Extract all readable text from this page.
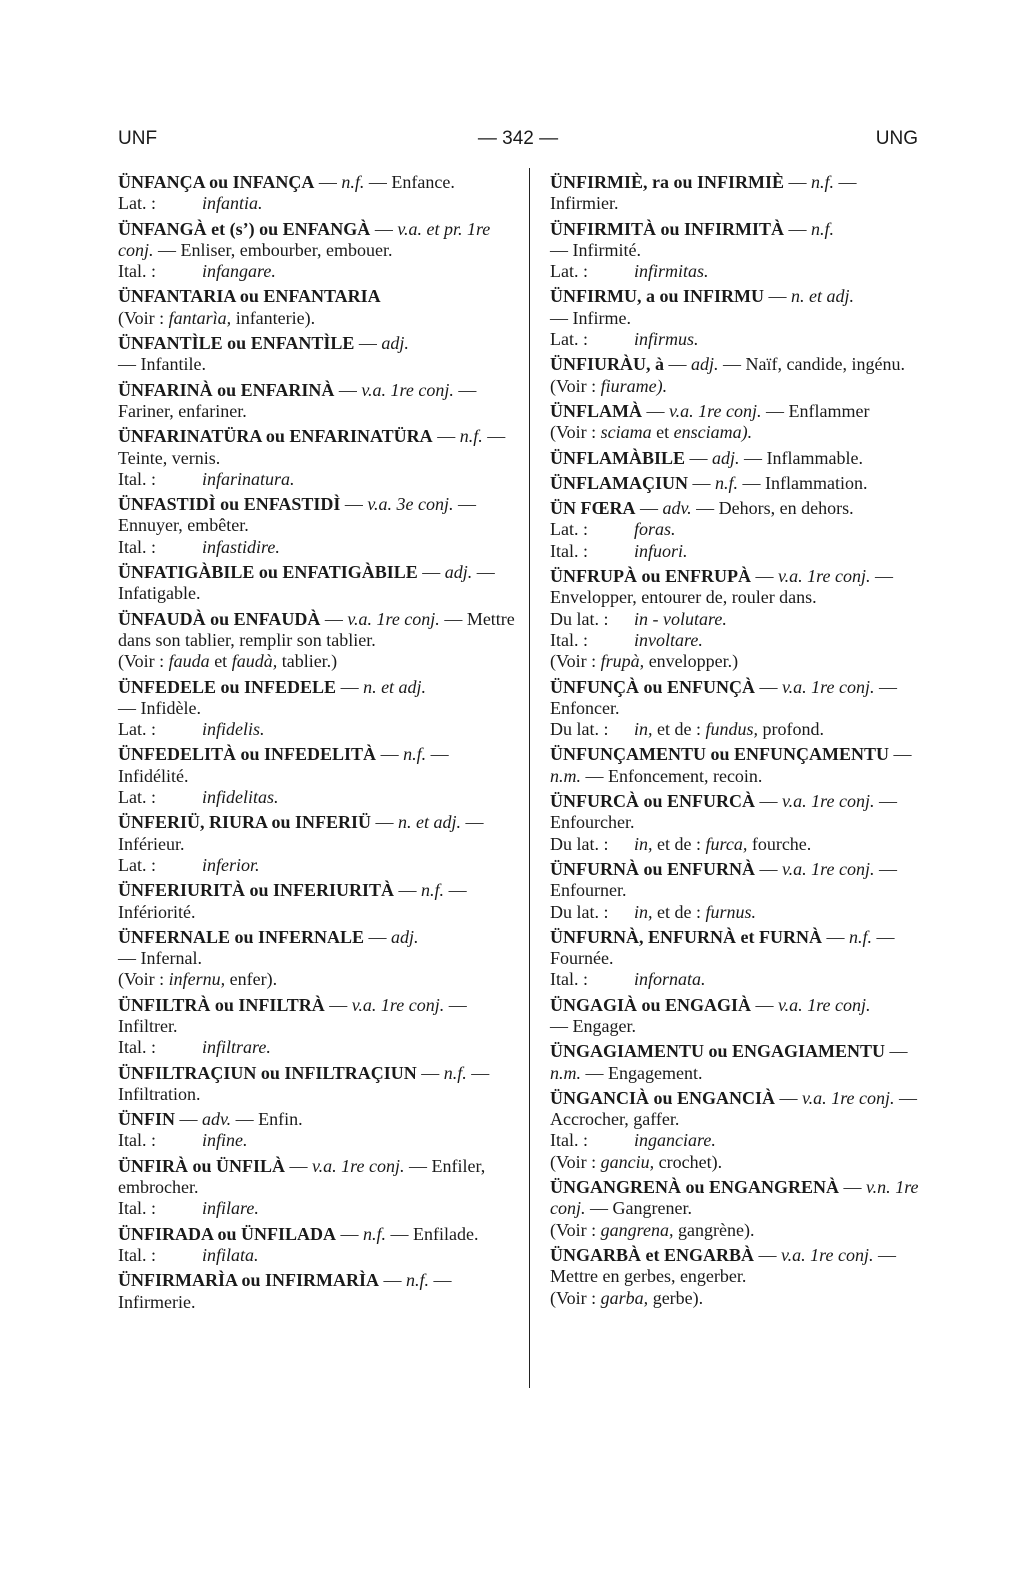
UNF	— 342 —	UNG
ÜNFANÇA ou INFANÇA — n.f. — Enfance.
Lat. :	infantia.
ÜNFANGÀ et (s’) ou ENFANGÀ — v.a. et pr. 1re conj. — Enliser, embourber, embouer.
Ital. :	infangare.
ÜNFANTARIA ou ENFANTARIA
(Voir : fantarìa, infanterie).
ÜNFANTÌLE ou ENFANTÌLE — adj.
— Infantile.
ÜNFARINÀ ou ENFARINÀ — v.a. 1re conj. — Fariner, enfariner.
ÜNFARINATÜRA ou ENFARINATÜRA — n.f. — Teinte, vernis.
Ital. :	infarinatura.
ÜNFASTIDÌ ou ENFASTIDÌ — v.a. 3e conj. — Ennuyer, embêter.
Ital. :	infastidire.
ÜNFATIGÀBILE ou ENFATIGÀBILE — adj. — Infatigable.
ÜNFAUDÀ ou ENFAUDÀ — v.a. 1re conj. — Mettre dans son tablier, remplir son tablier.
(Voir : fauda et faudà, tablier.)
ÜNFEDELE ou INFEDELE — n. et adj.
— Infidèle.
Lat. :	infidelis.
ÜNFEDELITÀ ou INFEDELITÀ — n.f. — Infidélité.
Lat. :	infidelitas.
ÜNFERIÜ, RIURA ou INFERIÜ — n. et adj. — Inférieur.
Lat. :	inferior.
ÜNFERIURITÀ ou INFERIURITÀ — n.f. — Infériorité.
ÜNFERNALE ou INFERNALE — adj.
— Infernal.
(Voir : infernu, enfer).
ÜNFILTRÀ ou INFILTRÀ — v.a. 1re conj. — Infiltrer.
Ital. :	infiltrare.
ÜNFILTRAÇIUN ou INFILTRAÇIUN — n.f. — Infiltration.
ÜNFIN — adv. — Enfin.
Ital. :	infine.
ÜNFIRÀ ou ÜNFILÀ — v.a. 1re conj. — Enfiler, embrocher.
Ital. :	infilare.
ÜNFIRADA ou ÜNFILADA — n.f. — Enfilade.
Ital. :	infilata.
ÜNFIRMARÌA ou INFIRMARÌA — n.f. — Infirmerie.
ÜNFIRMIÈ, ra ou INFIRMIÈ — n.f. — Infirmier.
ÜNFIRMITÀ ou INFIRMITÀ — n.f.
— Infirmité.
Lat. :	infirmitas.
ÜNFIRMU, a ou INFIRMU — n. et adj.
— Infirme.
Lat. :	infirmus.
ÜNFIURÀU, à — adj. — Naïf, candide, ingénu.
(Voir : fiurame).
ÜNFLAMÀ — v.a. 1re conj. — Enflammer
(Voir : sciama et ensciama).
ÜNFLAMÀBILE — adj. — Inflammable.
ÜNFLAMAÇIUN — n.f. — Inflammation.
ÜN FŒRA — adv. — Dehors, en dehors.
Lat. :	foras.
Ital. :	infuori.
ÜNFRUPÀ ou ENFRUPÀ — v.a. 1re conj. — Envelopper, entourer de, rouler dans.
Du lat. : in - volutare.
Ital. :	involtare.
(Voir : frupà, envelopper.)
ÜNFUNÇÀ ou ENFUNÇÀ — v.a. 1re conj. — Enfoncer.
Du lat. : in, et de : fundus, profond.
ÜNFUNÇAMENTU ou ENFUNÇAMENTU — n.m. — Enfoncement, recoin.
ÜNFURCÀ ou ENFURCÀ — v.a. 1re conj. — Enfourcher.
Du lat. : in, et de : furca, fourche.
ÜNFURNÀ ou ENFURNÀ — v.a. 1re conj. — Enfourner.
Du lat. : in, et de : furnus.
ÜNFURNÀ, ENFURNÀ et FURNÀ — n.f. — Fournée.
Ital. :	infornata.
ÜNGAGIÀ ou ENGAGIÀ — v.a. 1re conj.
— Engager.
ÜNGAGIAMENTU ou ENGAGIAMENTU — n.m. — Engagement.
ÜNGANCIÀ ou ENGANCIÀ — v.a. 1re conj. — Accrocher, gaffer.
Ital. :	inganciare.
(Voir : ganciu, crochet).
ÜNGANGRENÀ ou ENGANGRENÀ — v.n. 1re conj. — Gangrener.
(Voir : gangrena, gangrène).
ÜNGARBÀ et ENGARBÀ — v.a. 1re conj. — Mettre en gerbes, engerber.
(Voir : garba, gerbe).
